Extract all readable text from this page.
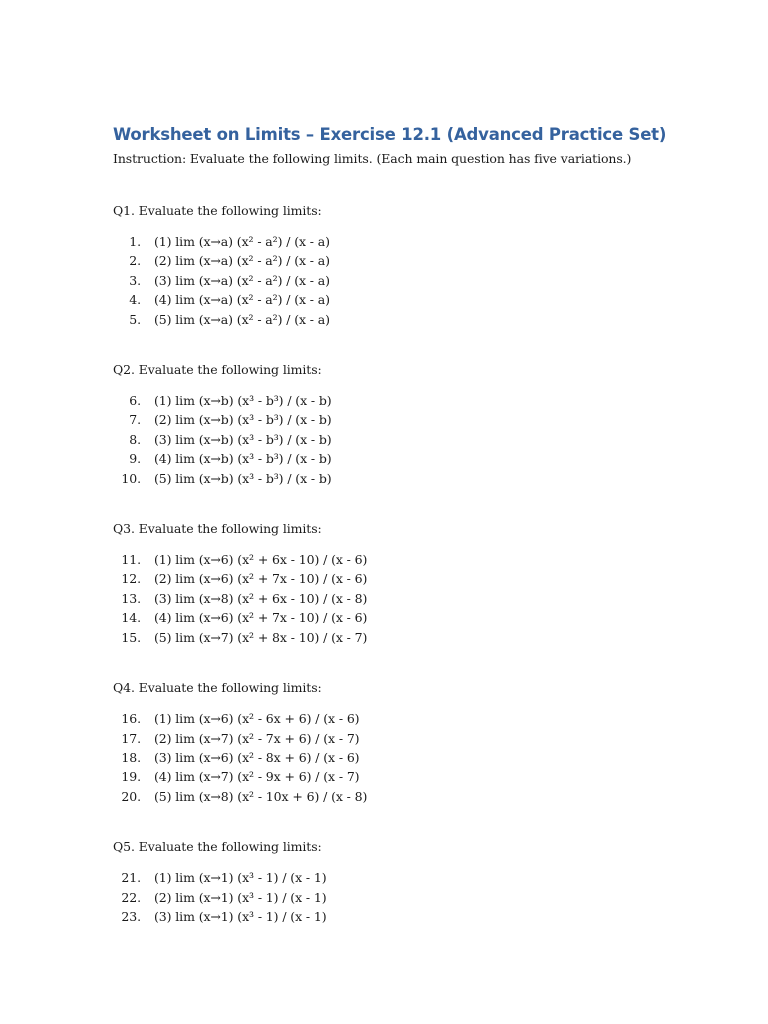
Worksheet on Limits – Exercise 12.1 (Advanced Practice Set)
Instruction: Evaluate the following limits. (Each main question has five variations.)
Q1. Evaluate the following limits:
1.	(1) lim (x→a) (x² - a²) / (x - a)
2.	(2) lim (x→a) (x² - a²) / (x - a)
3.	(3) lim (x→a) (x² - a²) / (x - a)
4.	(4) lim (x→a) (x² - a²) / (x - a)
5.	(5) lim (x→a) (x² - a²) / (x - a)
Q2. Evaluate the following limits:
6.	(1) lim (x→b) (x³ - b³) / (x - b)
7.	(2) lim (x→b) (x³ - b³) / (x - b)
8.	(3) lim (x→b) (x³ - b³) / (x - b)
9.	(4) lim (x→b) (x³ - b³) / (x - b)
10.	(5) lim (x→b) (x³ - b³) / (x - b)
Q3. Evaluate the following limits:
11.	(1) lim (x→6) (x² + 6x - 10) / (x - 6)
12.	(2) lim (x→6) (x² + 7x - 10) / (x - 6)
13.	(3) lim (x→8) (x² + 6x - 10) / (x - 8)
14.	(4) lim (x→6) (x² + 7x - 10) / (x - 6)
15.	(5) lim (x→7) (x² + 8x - 10) / (x - 7)
Q4. Evaluate the following limits:
16.	(1) lim (x→6) (x² - 6x + 6) / (x - 6)
17.	(2) lim (x→7) (x² - 7x + 6) / (x - 7)
18.	(3) lim (x→6) (x² - 8x + 6) / (x - 6)
19.	(4) lim (x→7) (x² - 9x + 6) / (x - 7)
20.	(5) lim (x→8) (x² - 10x + 6) / (x - 8)
Q5. Evaluate the following limits:
21.	(1) lim (x→1) (x³ - 1) / (x - 1)
22.	(2) lim (x→1) (x³ - 1) / (x - 1)
23.	(3) lim (x→1) (x³ - 1) / (x - 1)
